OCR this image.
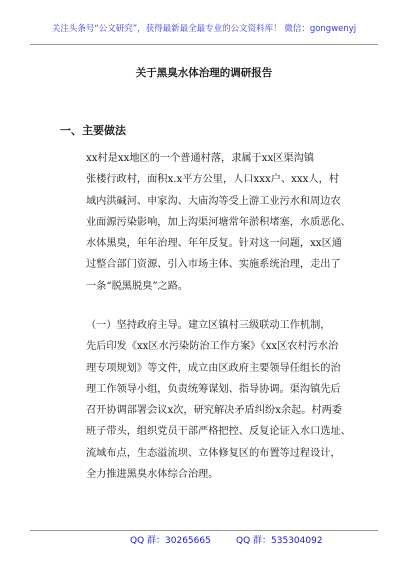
关注头条号“公文研究”，获得最新最全最专业的公文资料库！ 微信：gongwenyj
关于黑臭水体治理的调研报告
一、主要做法
xx村是xx地区的一个普通村落，隶属于xx区渠沟镇
张楼行政村，面积x.x平方公里，人口xxx户、xxx人，村
域内洪碱河、申家沟、大庙沟等受上游工业污水和周边农
业面源污染影响，加上沟渠河塘常年淤积堵塞，水质恶化、
水体黑臭，年年治理、年年反复。针对这一问题，xx区通
过整合部门资源、引入市场主体、实施系统治理，走出了
一条“脱黑脱臭”之路。
（一）坚持政府主导。建立区镇村三级联动工作机制，
先后印发《xx区水污染防治工作方案》《xx区农村污水治
理专项规划》等文件，成立由区政府主要领导任组长的治
理工作领导小组，负责统筹谋划、指导协调。渠沟镇先后
召开协调部署会议x次，研究解决矛盾纠纷x余起。村两委
班子带头，组织党员干部严格把控、反复论证入水口选址、
流域布点，生态溢流坝、立体修复区的布置等过程设计，
全力推进黑臭水体综合治理。
QQ 群：30265665	QQ 群：535304092
